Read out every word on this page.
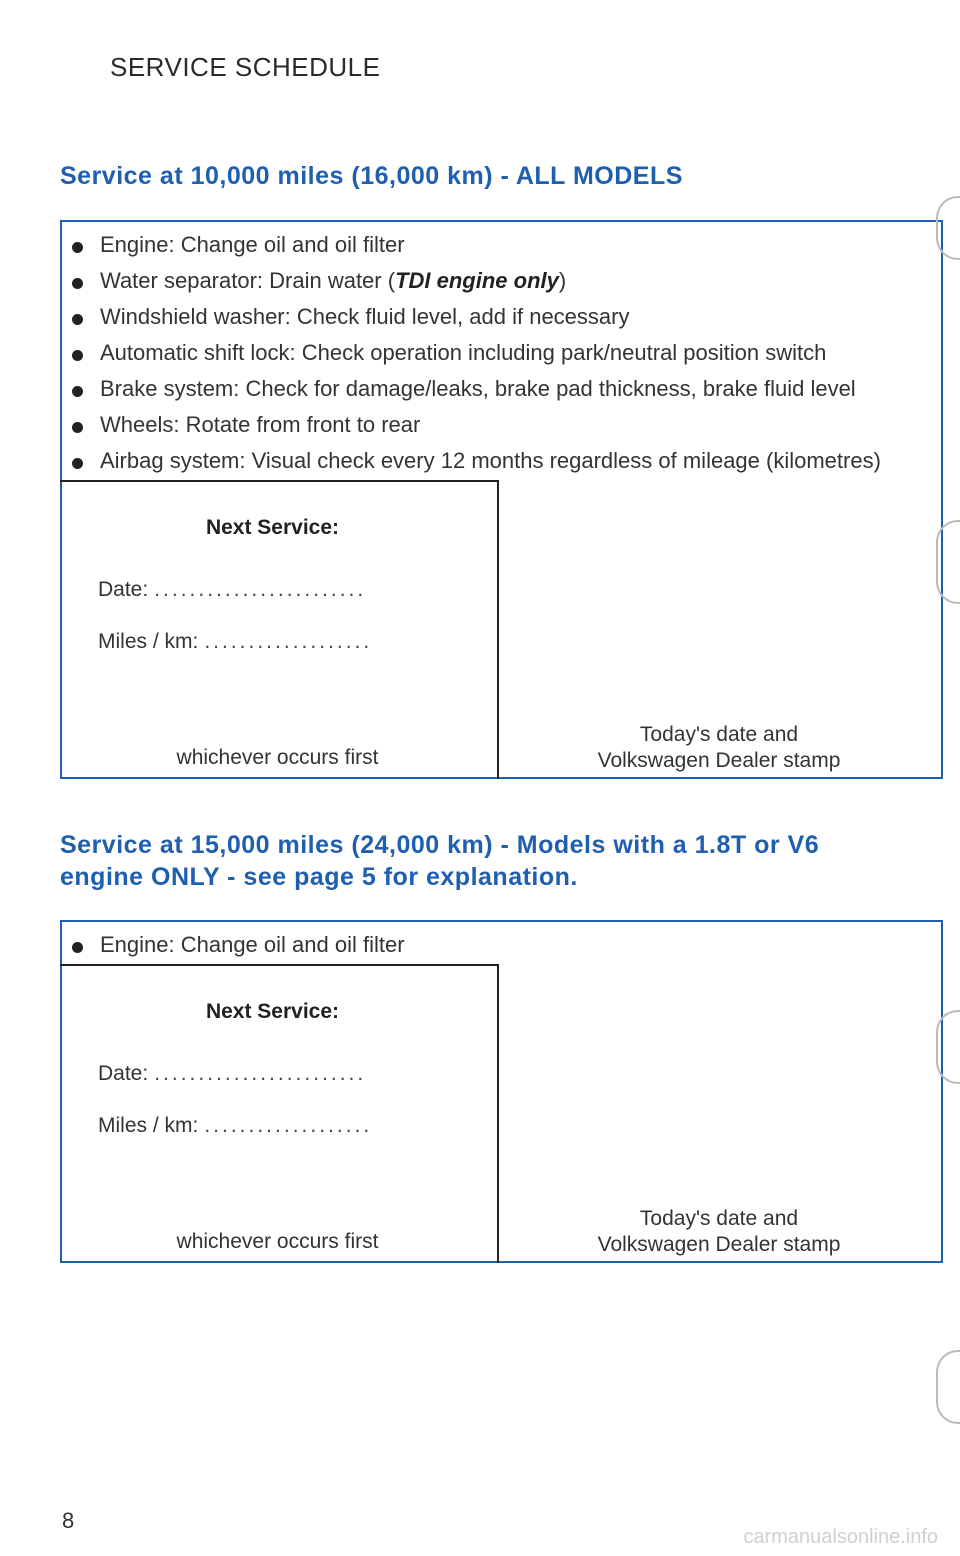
SERVICE SCHEDULE
Service at 10,000 miles (16,000 km) - ALL MODELS
Engine: Change oil and oil filter
Water separator: Drain water (TDI engine only)
Windshield washer: Check fluid level, add if necessary
Automatic shift lock: Check operation including park/neutral position switch
Brake system: Check for damage/leaks, brake pad thickness, brake fluid level
Wheels: Rotate from front to rear
Airbag system: Visual check every 12 months regardless of mileage (kilometres)
Next Service:
Date: ........................
Miles / km: ...................
whichever occurs first
Today's date and
Volkswagen Dealer stamp
Service at 15,000 miles (24,000 km) - Models with a 1.8T or V6
engine ONLY - see page 5 for explanation.
Engine: Change oil and oil filter
Next Service:
Date: ........................
Miles / km: ...................
whichever occurs first
Today's date and
Volkswagen Dealer stamp
8
carmanualsonline.info
